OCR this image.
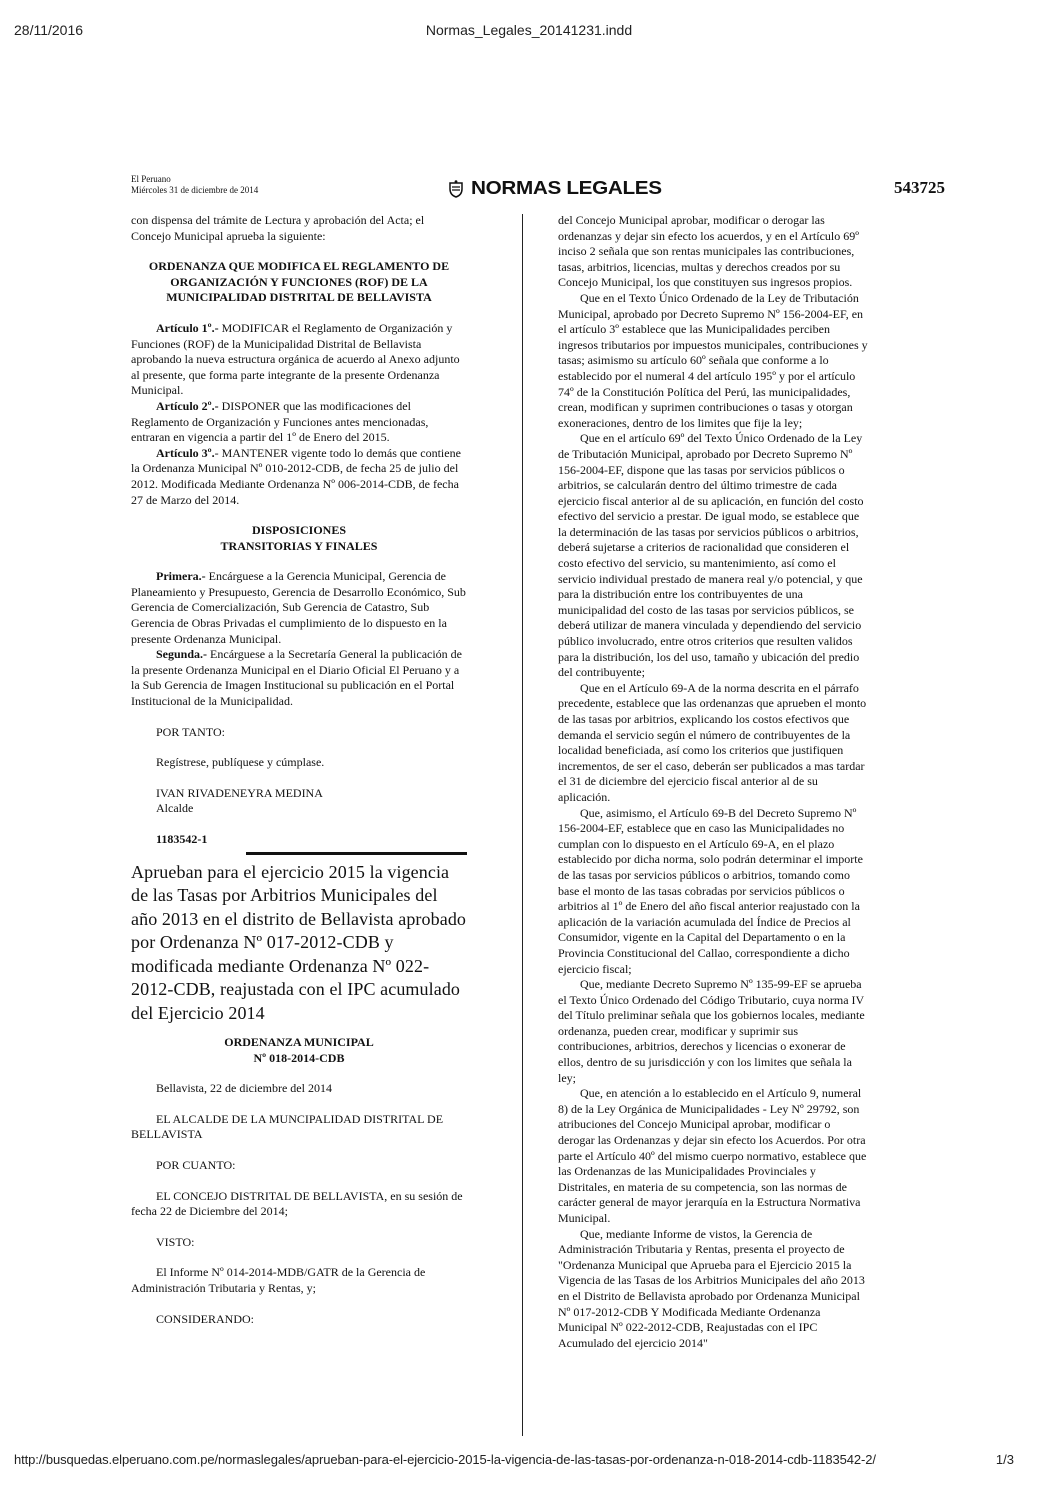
28/11/2016	Normas_Legales_20141231.indd
El Peruano
Miércoles 31 de diciembre de 2014	NORMAS LEGALES	543725

con dispensa del trámite de Lectura y aprobación del Acta; el Concejo Municipal aprueba la siguiente:

ORDENANZA QUE MODIFICA EL REGLAMENTO DE ORGANIZACIÓN Y FUNCIONES (ROF) DE LA MUNICIPALIDAD DISTRITAL DE BELLAVISTA

Artículo 1º.- MODIFICAR el Reglamento de Organización y Funciones (ROF) de la Municipalidad Distrital de Bellavista aprobando la nueva estructura orgánica de acuerdo al Anexo adjunto al presente, que forma parte integrante de la presente Ordenanza Municipal.

Artículo 2º.- DISPONER que las modificaciones del Reglamento de Organización y Funciones antes mencionadas, entraran en vigencia a partir del 1º de Enero del 2015.

Artículo 3º.- MANTENER vigente todo lo demás que contiene la Ordenanza Municipal Nº 010-2012-CDB, de fecha 25 de julio del 2012. Modificada Mediante Ordenanza Nº 006-2014-CDB, de fecha 27 de Marzo del 2014.

DISPOSICIONES

TRANSITORIAS Y FINALES

Primera.- Encárguese a la Gerencia Municipal, Gerencia de Planeamiento y Presupuesto, Gerencia de Desarrollo Económico, Sub Gerencia de Comercialización, Sub Gerencia de Catastro, Sub Gerencia de Obras Privadas el cumplimiento de lo dispuesto en la presente Ordenanza Municipal.

Segunda.- Encárguese a la Secretaría General la publicación de la presente Ordenanza Municipal en el Diario Oficial El Peruano y a la Sub Gerencia de Imagen Institucional su publicación en el Portal Institucional de la Municipalidad.

POR TANTO:

Regístrese, publíquese y cúmplase.

IVAN RIVADENEYRA MEDINA

Alcalde

1183542-1

Aprueban para el ejercicio 2015 la vigencia de las Tasas por Arbitrios Municipales del año 2013 en el distrito de Bellavista aprobado por Ordenanza Nº 017-2012-CDB y modificada mediante Ordenanza Nº 022-2012-CDB, reajustada con el IPC acumulado del Ejercicio 2014

ORDENANZA MUNICIPAL

Nº 018-2014-CDB

Bellavista, 22 de diciembre del 2014

EL ALCALDE DE LA MUNCIPALIDAD DISTRITAL DE BELLAVISTA

POR CUANTO:

EL CONCEJO DISTRITAL DE BELLAVISTA, en su sesión de fecha 22 de Diciembre del 2014;

VISTO:

El Informe Nº 014-2014-MDB/GATR de la Gerencia de Administración Tributaria y Rentas, y;

CONSIDERANDO:

del Concejo Municipal aprobar, modificar o derogar las ordenanzas y dejar sin efecto los acuerdos, y en el Artículo 69º inciso 2 señala que son rentas municipales las contribuciones, tasas, arbitrios, licencias, multas y derechos creados por su Concejo Municipal, los que constituyen sus ingresos propios.

Que en el Texto Único Ordenado de la Ley de Tributación Municipal, aprobado por Decreto Supremo Nº 156-2004-EF, en el artículo 3º establece que las Municipalidades perciben ingresos tributarios por impuestos municipales, contribuciones y tasas; asimismo su artículo 60º señala que conforme a lo establecido por el numeral 4 del artículo 195º y por el artículo 74º de la Constitución Política del Perú, las municipalidades, crean, modifican y suprimen contribuciones o tasas y otorgan exoneraciones, dentro de los limites que fije la ley;

Que en el artículo 69º del Texto Único Ordenado de la Ley de Tributación Municipal, aprobado por Decreto Supremo Nº 156-2004-EF, dispone que las tasas por servicios públicos o arbitrios, se calcularán dentro del último trimestre de cada ejercicio fiscal anterior al de su aplicación, en función del costo efectivo del servicio a prestar. De igual modo, se establece que la determinación de las tasas por servicios públicos o arbitrios, deberá sujetarse a criterios de racionalidad que consideren el costo efectivo del servicio, su mantenimiento, así como el servicio individual prestado de manera real y/o potencial, y que para la distribución entre los contribuyentes de una municipalidad del costo de las tasas por servicios públicos, se deberá utilizar de manera vinculada y dependiendo del servicio público involucrado, entre otros criterios que resulten validos para la distribución, los del uso, tamaño y ubicación del predio del contribuyente;

Que en el Artículo 69-A de la norma descrita en el párrafo precedente, establece que las ordenanzas que aprueben el monto de las tasas por arbitrios, explicando los costos efectivos que demanda el servicio según el número de contribuyentes de la localidad beneficiada, así como los criterios que justifiquen incrementos, de ser el caso, deberán ser publicados a mas tardar el 31 de diciembre del ejercicio fiscal anterior al de su aplicación.

Que, asimismo, el Artículo 69-B del Decreto Supremo Nº 156-2004-EF, establece que en caso las Municipalidades no cumplan con lo dispuesto en el Artículo 69-A, en el plazo establecido por dicha norma, solo podrán determinar el importe de las tasas por servicios públicos o arbitrios, tomando como base el monto de las tasas cobradas por servicios públicos o arbitrios al 1º de Enero del año fiscal anterior reajustado con la aplicación de la variación acumulada del Índice de Precios al Consumidor, vigente en la Capital del Departamento o en la Provincia Constitucional del Callao, correspondiente a dicho ejercicio fiscal;

Que, mediante Decreto Supremo Nº 135-99-EF se aprueba el Texto Único Ordenado del Código Tributario, cuya norma IV del Título preliminar señala que los gobiernos locales, mediante ordenanza, pueden crear, modificar y suprimir sus contribuciones, arbitrios, derechos y licencias o exonerar de ellos, dentro de su jurisdicción y con los limites que señala la ley;

Que, en atención a lo establecido en el Artículo 9, numeral 8) de la Ley Orgánica de Municipalidades - Ley Nº 29792, son atribuciones del Concejo Municipal aprobar, modificar o derogar las Ordenanzas y dejar sin efecto los Acuerdos. Por otra parte el Artículo 40º del mismo cuerpo normativo, establece que las Ordenanzas de las Municipalidades Provinciales y Distritales, en materia de su competencia, son las normas de carácter general de mayor jerarquía en la Estructura Normativa Municipal.

Que, mediante Informe de vistos, la Gerencia de Administración Tributaria y Rentas, presenta el proyecto de "Ordenanza Municipal que Aprueba para el Ejercicio 2015 la Vigencia de las Tasas de los Arbitrios Municipales del año 2013 en el Distrito de Bellavista aprobado por Ordenanza Municipal Nº 017-2012-CDB Y Modificada Mediante Ordenanza Municipal Nº 022-2012-CDB, Reajustadas con el IPC Acumulado del ejercicio 2014"

http://busquedas.elperuano.com.pe/normaslegales/aprueban-para-el-ejercicio-2015-la-vigencia-de-las-tasas-por-ordenanza-n-018-2014-cdb-1183542-2/	1/3
